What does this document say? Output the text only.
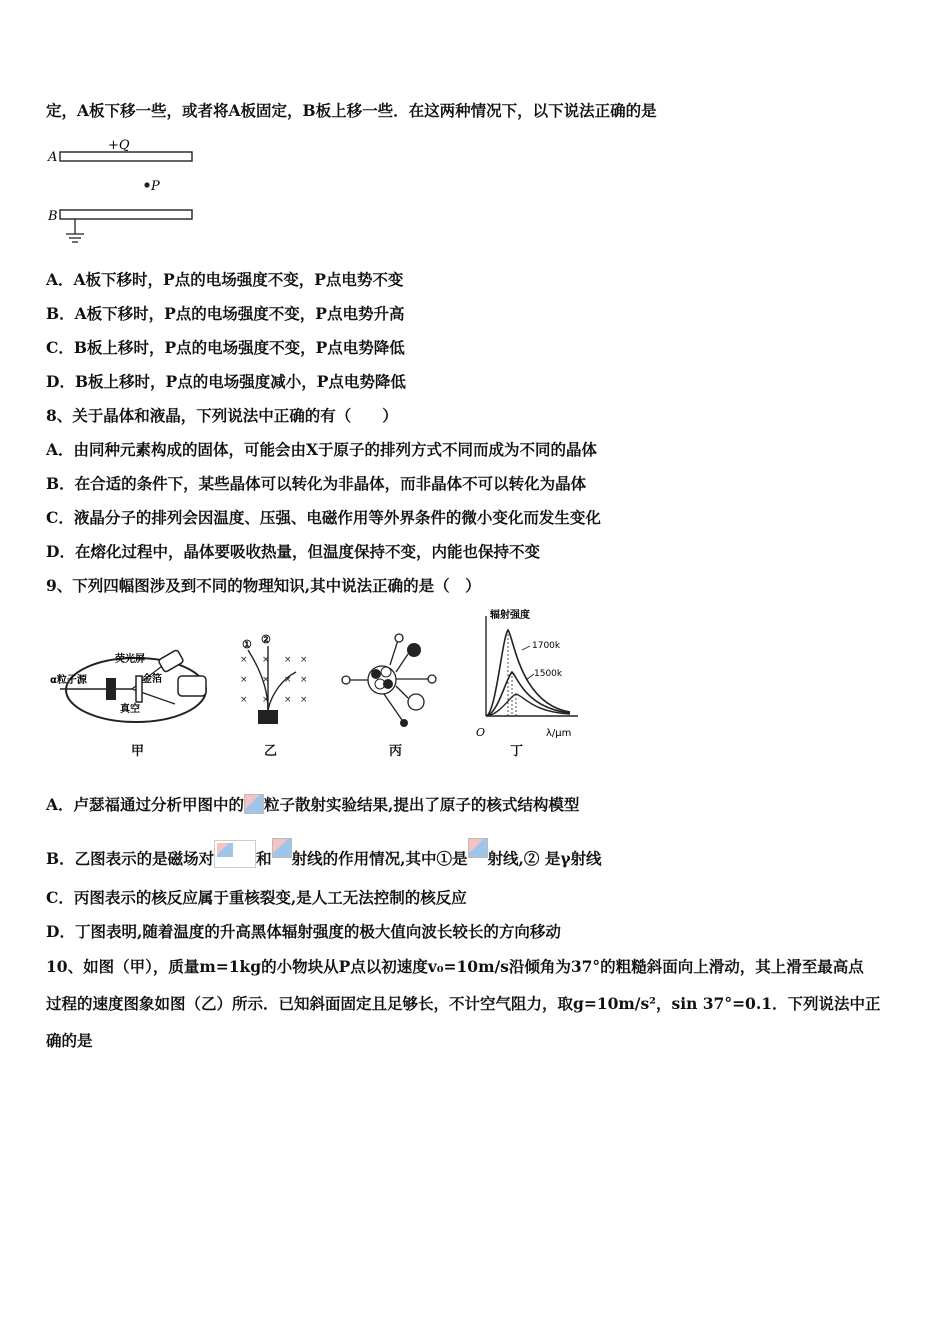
定，A板下移一些，或者将A板固定，B板上移一些．在这两种情况下，以下说法正确的是
A
B
+Q
P
A．A板下移时，P点的电场强度不变，P点电势不变
B．A板下移时，P点的电场强度不变，P点电势升高
C．B板上移时，P点的电场强度不变，P点电势降低
D．B板上移时，P点的电场强度减小，P点电势降低
8、关于晶体和液晶，下列说法中正确的有（　　）
A．由同种元素构成的固体，可能会由X于原子的排列方式不同而成为不同的晶体
B．在合适的条件下，某些晶体可以转化为非晶体，而非晶体不可以转化为晶体
C．液晶分子的排列会因温度、压强、电磁作用等外界条件的微小变化而发生变化
D．在熔化过程中，晶体要吸收热量，但温度保持不变，内能也保持不变
9、下列四幅图涉及到不同的物理知识,其中说法正确的是（　）
荧光屏
α粒子源	金箔
真空
甲
× × × ×
× × × ×
× × × ×
① ②
乙	丙
辐射强度
1700k
1500k
O	λ/μm
丁
A．卢瑟福通过分析甲图中的 粒子散射实验结果,提出了原子的核式结构模型
B．乙图表示的是磁场对	和 射线的作用情况,其中①是 射线,② 是γ射线
C．丙图表示的核反应属于重核裂变,是人工无法控制的核反应
D．丁图表明,随着温度的升高黑体辐射强度的极大值向波长较长的方向移动
10、如图（甲），质量m=1kg的小物块从P点以初速度v₀=10m/s沿倾角为37°的粗糙斜面向上滑动，其上滑至最高点
过程的速度图象如图（乙）所示．已知斜面固定且足够长，不计空气阻力，取g=10m/s²，sin 37°=0.1．下列说法中正
确的是
